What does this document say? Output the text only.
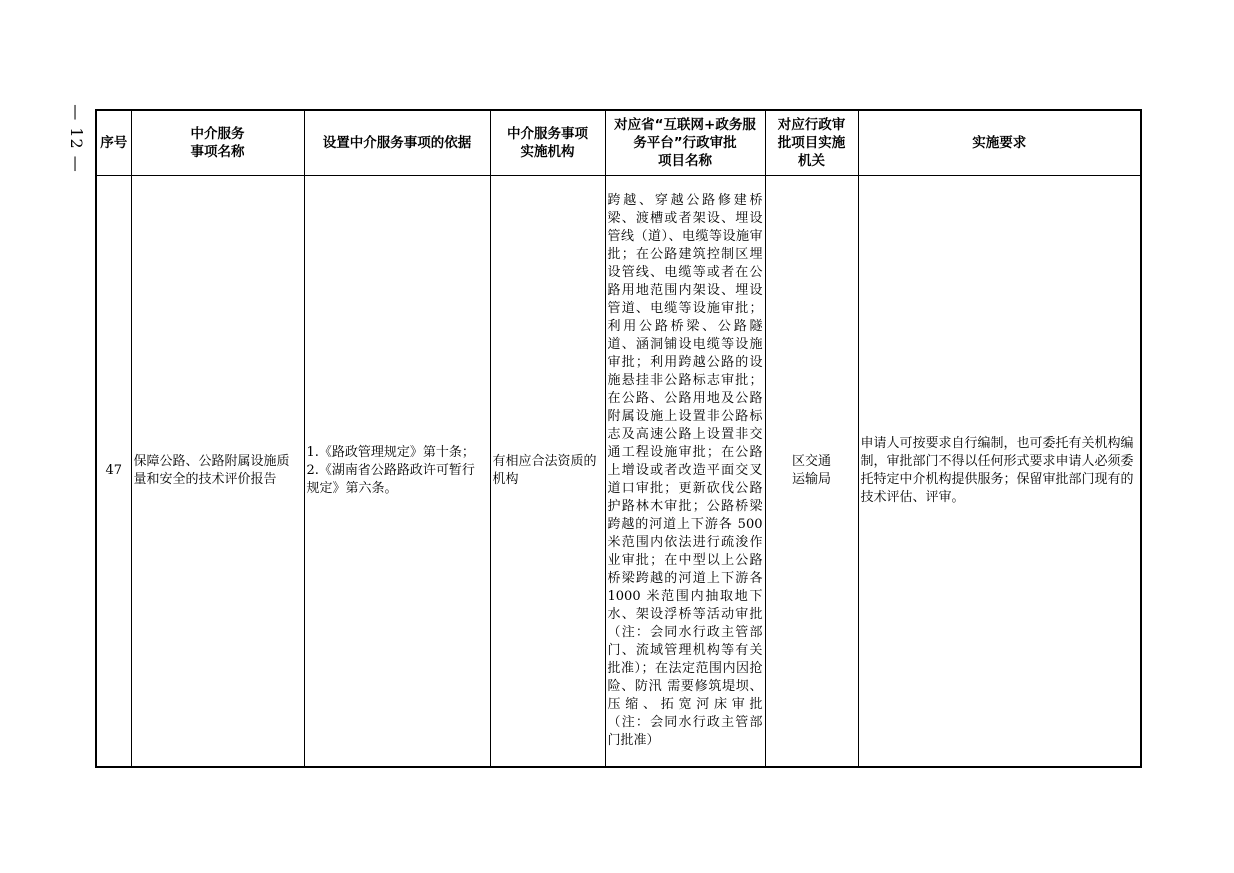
— 12 — 序号	中介服务
事项名称	设置中介服务事项的依据	中介服务事项
实施机构	对应省“互联网+政务服务平台”行政审批
项目名称	对应行政审
批项目实施
机关	实施要求
47	保障公路、公路附属设施质量和安全的技术评价报告	1.《路政管理规定》第十条；
2.《湖南省公路路政许可暂行规定》第六条。	有相应合法资质的机构	跨越、穿越公路修建桥梁、渡槽或者架设、埋设管线（道）、电缆等设施审批；在公路建筑控制区埋设管线、电缆等或者在公路用地范围内架设、埋设管道、电缆等设施审批；利用公路桥梁、公路隧道、涵洞铺设电缆等设施审批；利用跨越公路的设施悬挂非公路标志审批；在公路、公路用地及公路附属设施上设置非公路标志及高速公路上设置非交通工程设施审批；在公路上增设或者改造平面交叉道口审批；更新砍伐公路护路林木审批；公路桥梁跨越的河道上下游各 500 米范围内依法进行疏浚作业审批；在中型以上公路桥梁跨越的河道上下游各 1000 米范围内抽取地下水、架设浮桥等活动审批（注：会同水行政主管部门、流域管理机构等有关批准）；在法定范围内因抢险、防汛 需要修筑堤坝、压缩、拓宽河床审批（注：会同水行政主管部门批准）	区交通
运输局	申请人可按要求自行编制，也可委托有关机构编制，审批部门不得以任何形式要求申请人必须委托特定中介机构提供服务；保留审批部门现有的技术评估、评审。
